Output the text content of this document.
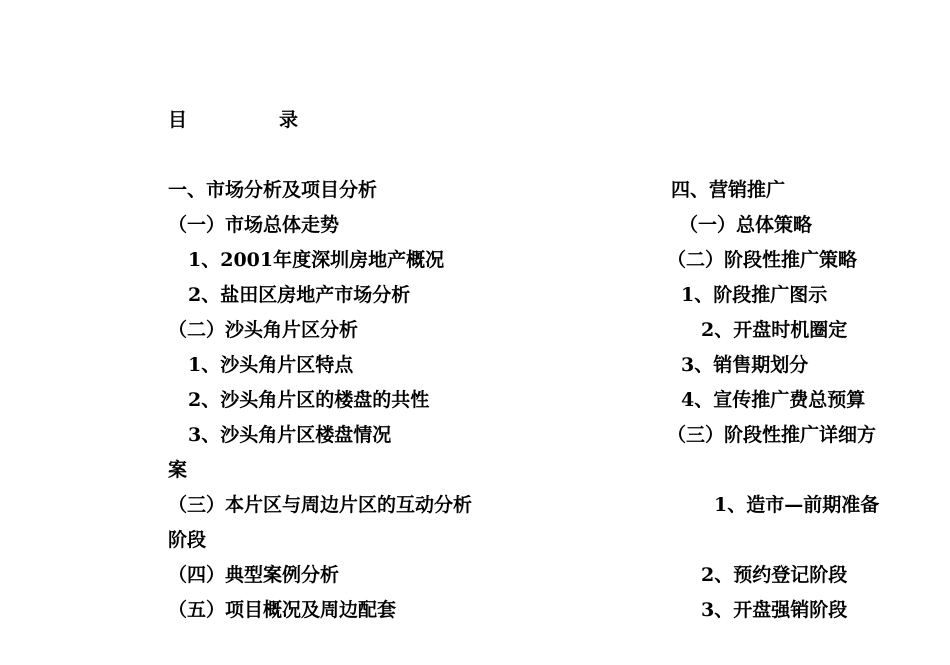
目	录
一、市场分析及项目分析
（一）市场总体走势
1、2001年度深圳房地产概况
2、盐田区房地产市场分析
（二）沙头角片区分析
1、沙头角片区特点
2、沙头角片区的楼盘的共性
3、沙头角片区楼盘情况
案
（三）本片区与周边片区的互动分析
阶段
（四）典型案例分析
（五）项目概况及周边配套
四、营销推广
（一）总体策略
（二）阶段性推广策略
1、阶段推广图示
2、开盘时机圈定
3、销售期划分
4、宣传推广费总预算
（三）阶段性推广详细方
1、造市—前期准备
2、预约登记阶段
3、开盘强销阶段
